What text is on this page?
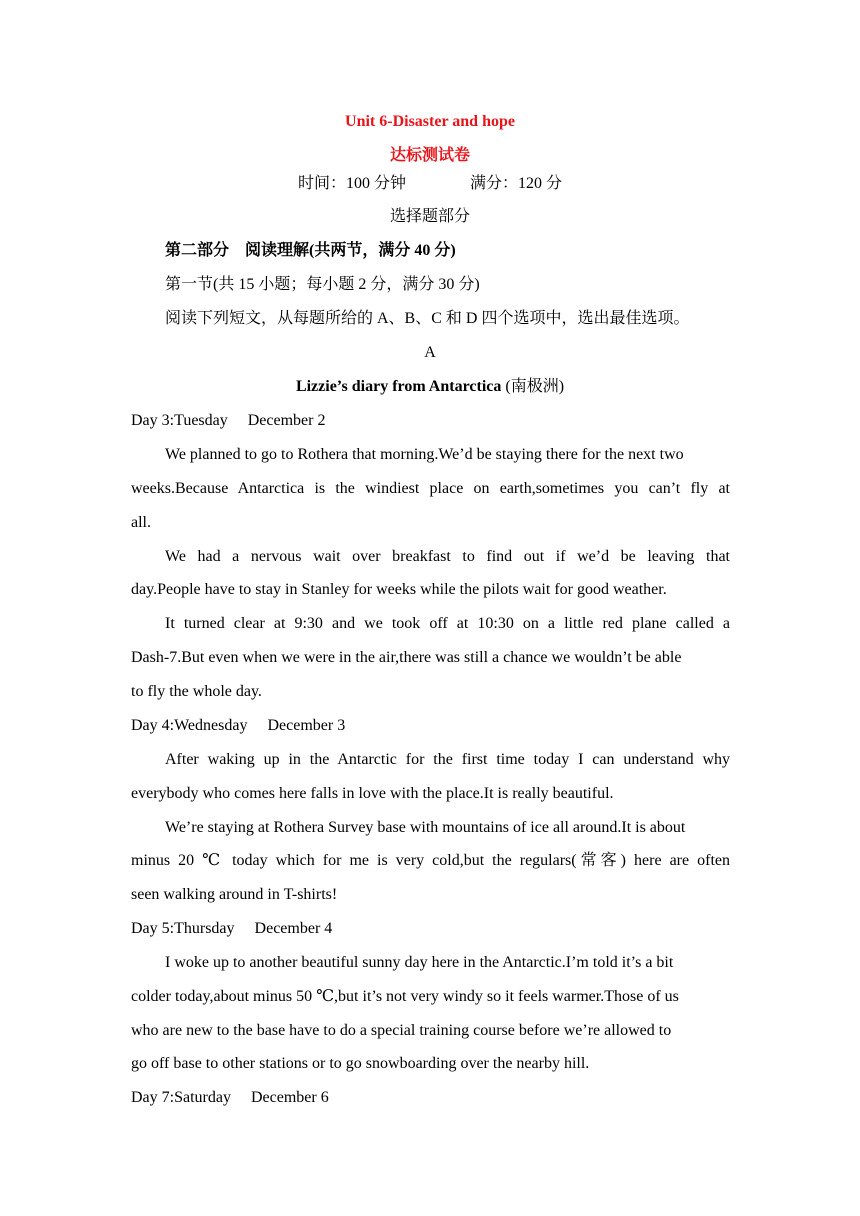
Unit 6-Disaster and hope
达标测试卷
时间：100 分钟	满分：120 分
选择题部分
第二部分　阅读理解(共两节，满分 40 分)
第一节(共 15 小题；每小题 2 分，满分 30 分)
阅读下列短文，从每题所给的 A、B、C 和 D 四个选项中，选出最佳选项。
A
Lizzie’s diary from Antarctica (南极洲)
Day 3:Tuesday December 2
We planned to go to Rothera that morning.We’d be staying there for the next two
weeks.Because Antarctica is the windiest place on earth,sometimes you can’t fly at
all.
We had a nervous wait over breakfast to find out if we’d be leaving that
day.People have to stay in Stanley for weeks while the pilots wait for good weather.
It turned clear at 9:30 and we took off at 10:30 on a little red plane called a
Dash-7.But even when we were in the air,there was still a chance we wouldn’t be able
to fly the whole day.
Day 4:Wednesday December 3
After waking up in the Antarctic for the first time today I can understand why
everybody who comes here falls in love with the place.It is really beautiful.
We’re staying at Rothera Survey base with mountains of ice all around.It is about
minus 20 ℃ today which for me is very cold,but the regulars(常客) here are often
seen walking around in T-shirts!
Day 5:Thursday December 4
I woke up to another beautiful sunny day here in the Antarctic.I’m told it’s a bit
colder today,about minus 50 ℃,but it’s not very windy so it feels warmer.Those of us
who are new to the base have to do a special training course before we’re allowed to
go off base to other stations or to go snowboarding over the nearby hill.
Day 7:Saturday December 6
